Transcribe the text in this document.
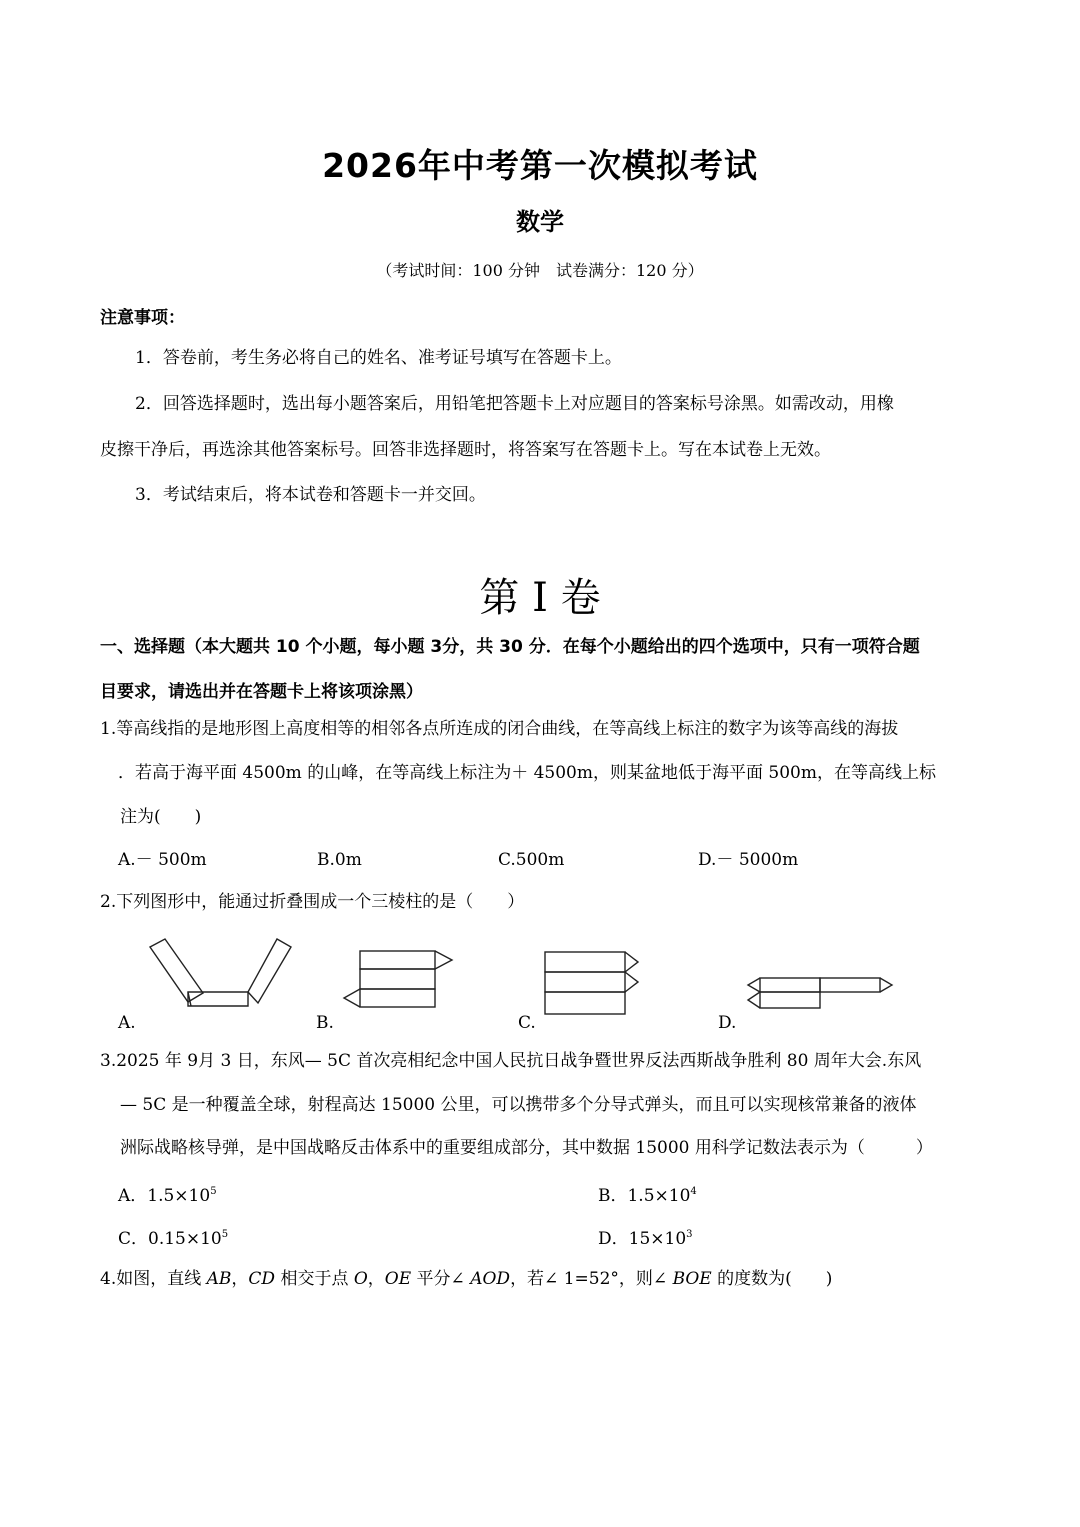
2026年中考第一次模拟考试
数学
（考试时间：100 分钟　试卷满分：120 分）
注意事项：
1．答卷前，考生务必将自己的姓名、准考证号填写在答题卡上。
2．回答选择题时，选出每小题答案后，用铅笔把答题卡上对应题目的答案标号涂黑。如需改动，用橡
皮擦干净后，再选涂其他答案标号。回答非选择题时，将答案写在答题卡上。写在本试卷上无效。
3．考试结束后，将本试卷和答题卡一并交回。
第 I 卷
一、选择题（本大题共 10 个小题，每小题 3分，共 30 分．在每个小题给出的四个选项中，只有一项符合题
目要求，请选出并在答题卡上将该项涂黑）
1.等高线指的是地形图上高度相等的相邻各点所连成的闭合曲线，在等高线上标注的数字为该等高线的海拔
．若高于海平面 4500m 的山峰，在等高线上标注为＋ 4500m，则某盆地低于海平面 500m，在等高线上标
注为(　　)
A.－ 500m	B.0m	C.500m	D.－ 5000m
2.下列图形中，能通过折叠围成一个三棱柱的是（　　）
A.	B.	C.	D.
3.2025 年 9月 3 日，东风— 5C 首次亮相纪念中国人民抗日战争暨世界反法西斯战争胜利 80 周年大会.东风
— 5C 是一种覆盖全球，射程高达 15000 公里，可以携带多个分导式弹头，而且可以实现核常兼备的液体
洲际战略核导弹，是中国战略反击体系中的重要组成部分，其中数据 15000 用科学记数法表示为（　　　）
A．$1.5\times 10^5$	B．$1.5\times 10^4$
C．$0.15\times 10^5$	D．$15\times 10^3$
4.如图，直线 AB，CD 相交于点 O，OE 平分∠ AOD，若∠ 1=52°，则∠ BOE 的度数为(　　)
